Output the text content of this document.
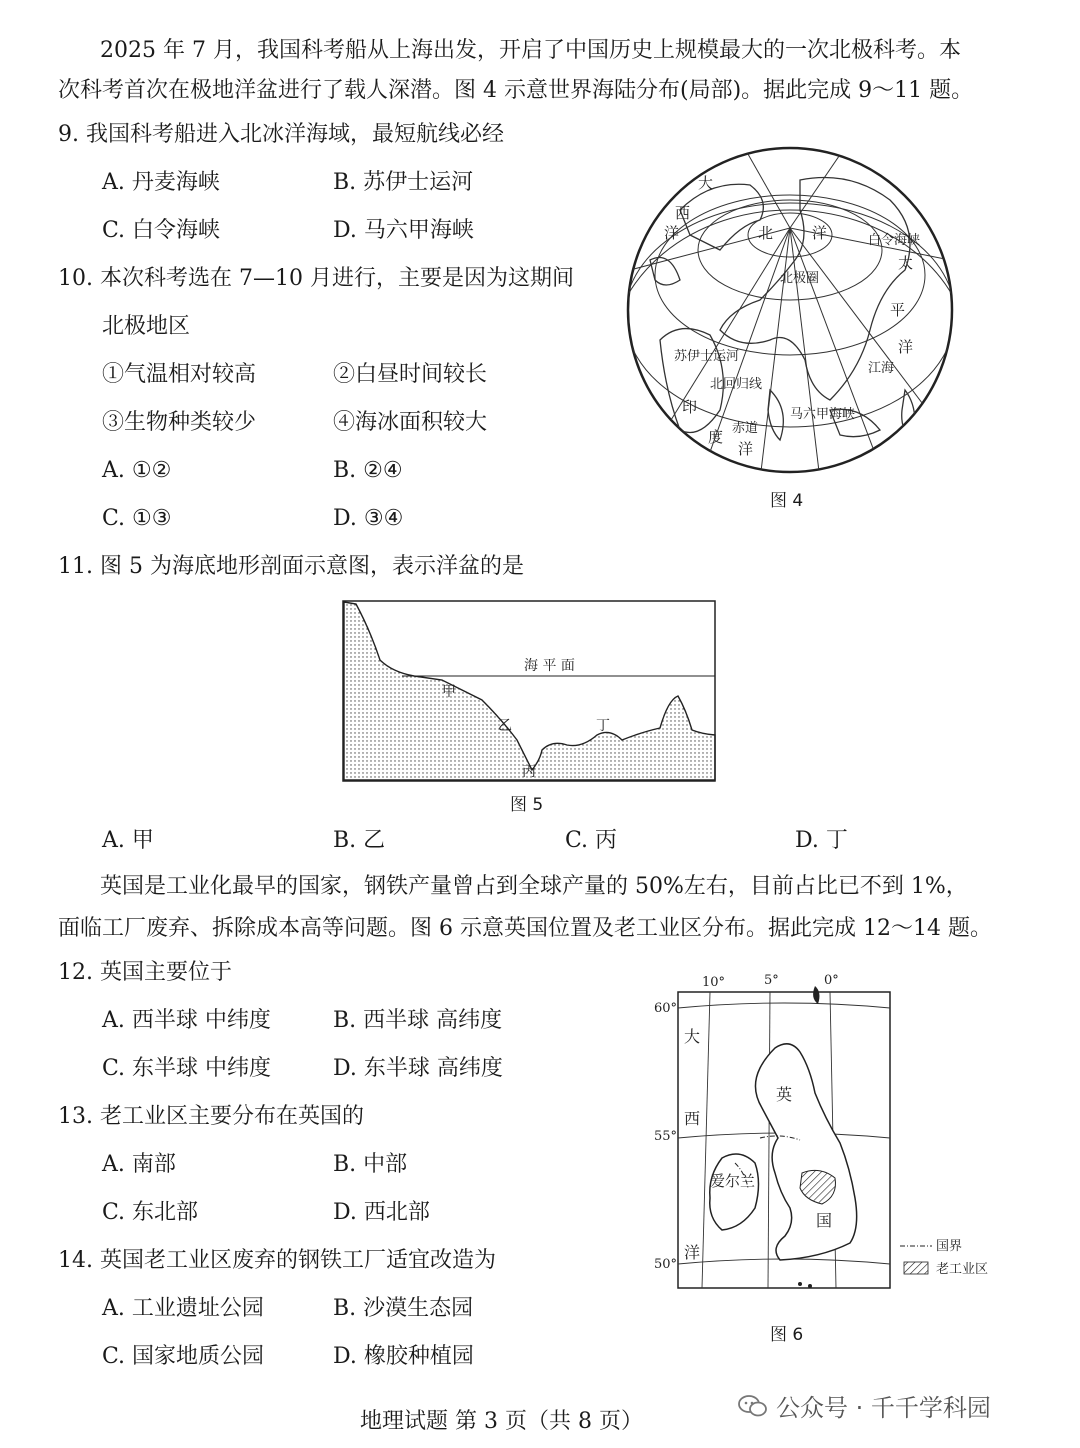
2025 年 7 月，我国科考船从上海出发，开启了中国历史上规模最大的一次北极科考。本
次科考首次在极地洋盆进行了载人深潜。图 4 示意世界海陆分布(局部)。据此完成 9～11 题。
9. 我国科考船进入北冰洋海域，最短航线必经
A. 丹麦海峡	B. 苏伊士运河
C. 白令海峡	D. 马六甲海峡
10. 本次科考选在 7—10 月进行，主要是因为这期间
北极地区
①气温相对较高	②白昼时间较长
③生物种类较少	④海冰面积较大
A. ①②	B. ②④
C. ①③	D. ③④
大
西
洋	北	洋	白令海峡
太
平
洋
北极圈
苏伊士运河
北回归线
江海
印
度
洋
赤道
马六甲海峡
图 4
11. 图 5 为海底地形剖面示意图，表示洋盆的是
海 平 面
甲
乙
丙
丁
图 5
A. 甲	B. 乙	C. 丙	D. 丁
英国是工业化最早的国家，钢铁产量曾占到全球产量的 50%左右，目前占比已不到 1%，
面临工厂废弃、拆除成本高等问题。图 6 示意英国位置及老工业区分布。据此完成 12～14 题。
12. 英国主要位于
A. 西半球 中纬度	B. 西半球 高纬度
C. 东半球 中纬度	D. 东半球 高纬度
13. 老工业区主要分布在英国的
A. 南部	B. 中部
C. 东北部	D. 西北部
14. 英国老工业区废弃的钢铁工厂适宜改造为
A. 工业遗址公园	B. 沙漠生态园
C. 国家地质公园	D. 橡胶种植园
10°	5°	0°
60°
55°
50°
大
西
洋
英
国
爱尔兰
国界
老工业区
图 6
公众号 · 千千学科园
地理试题 第 3 页（共 8 页）
